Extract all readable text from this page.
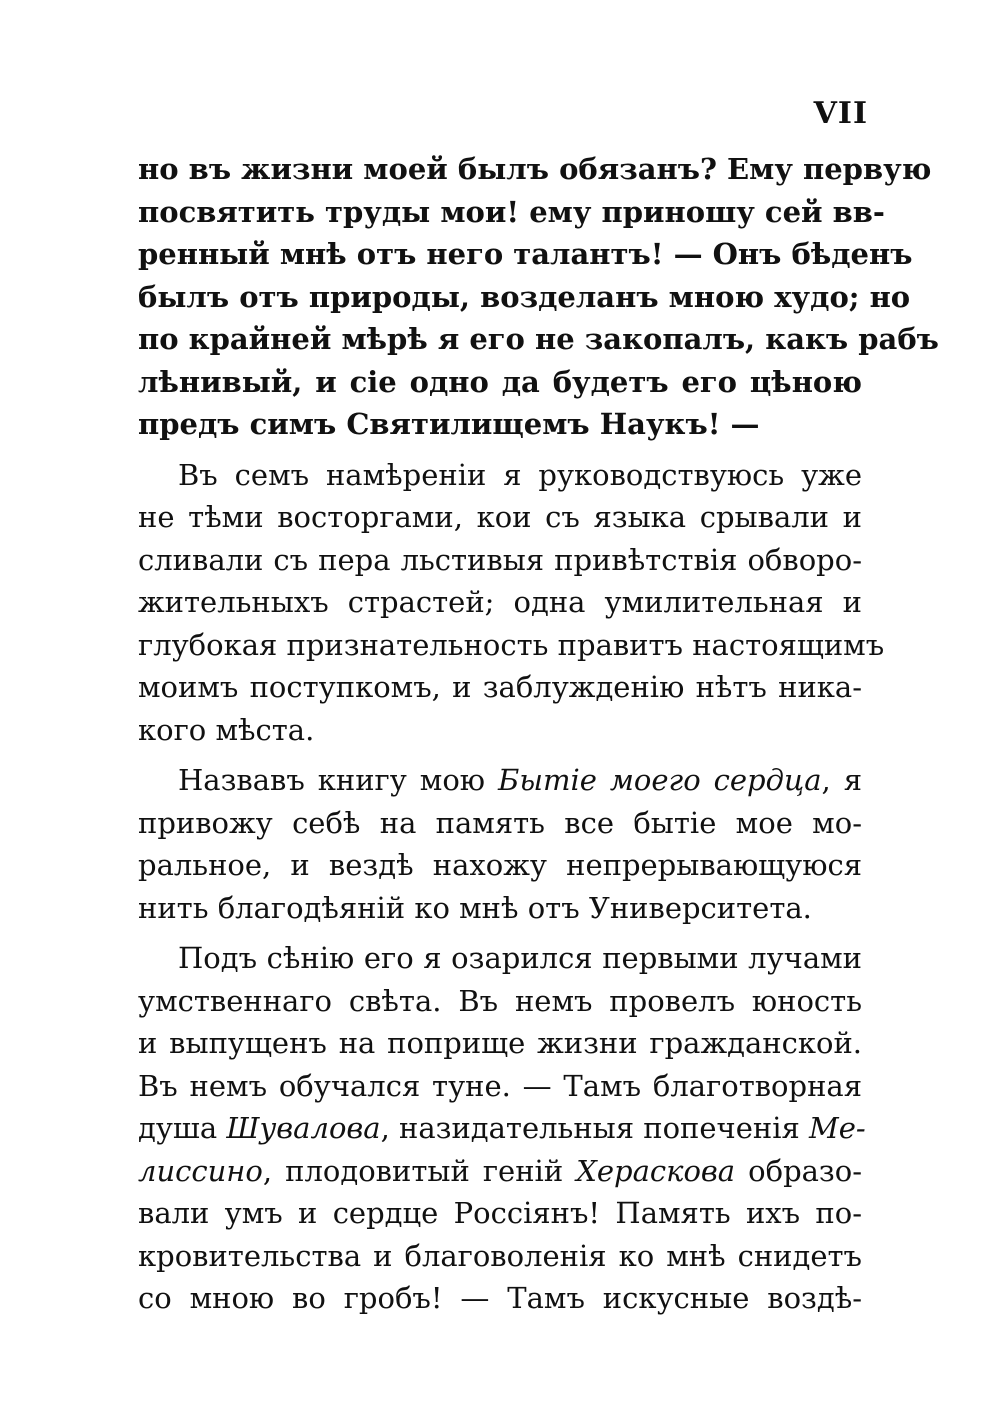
VII
но въ жизни моей былъ обязанъ? Ему первую
посвятить труды мои! ему приношу сей вв-
ренный мнѣ отъ него талантъ! — Онъ бѣденъ
былъ отъ природы, возделанъ мною худо; но
по крайней мѣрѣ я его не закопалъ, какъ рабъ
лѣнивый, и сіе одно да будетъ его цѣною
предъ симъ Святилищемъ Наукъ! —
Въ семъ намѣреніи я руководствуюсь уже
не тѣми восторгами, кои съ языка срывали и
сливали съ пера льстивыя привѣтствія обворо-
жительныхъ страстей; одна умилительная и
глубокая признательность правитъ настоящимъ
моимъ поступкомъ, и заблужденію нѣтъ ника-
кого мѣста.
Назвавъ книгу мою Бытіе моего сердца, я
привожу себѣ на память все бытіе мое мо-
ральное, и вездѣ нахожу непрерывающуюся
нить благодѣяній ко мнѣ отъ Университета.
Подъ сѣнію его я озарился первыми лучами
умственнаго свѣта. Въ немъ провелъ юность
и выпущенъ на поприще жизни гражданской.
Въ немъ обучался туне. — Тамъ благотворная
душа Шувалова, назидательныя попеченія Ме-
лиссино, плодовитый геній Хераскова образо-
вали умъ и сердце Россіянъ! Память ихъ по-
кровительства и благоволенія ко мнѣ снидетъ
со мною во гробъ! — Тамъ искусные воздѣ-
